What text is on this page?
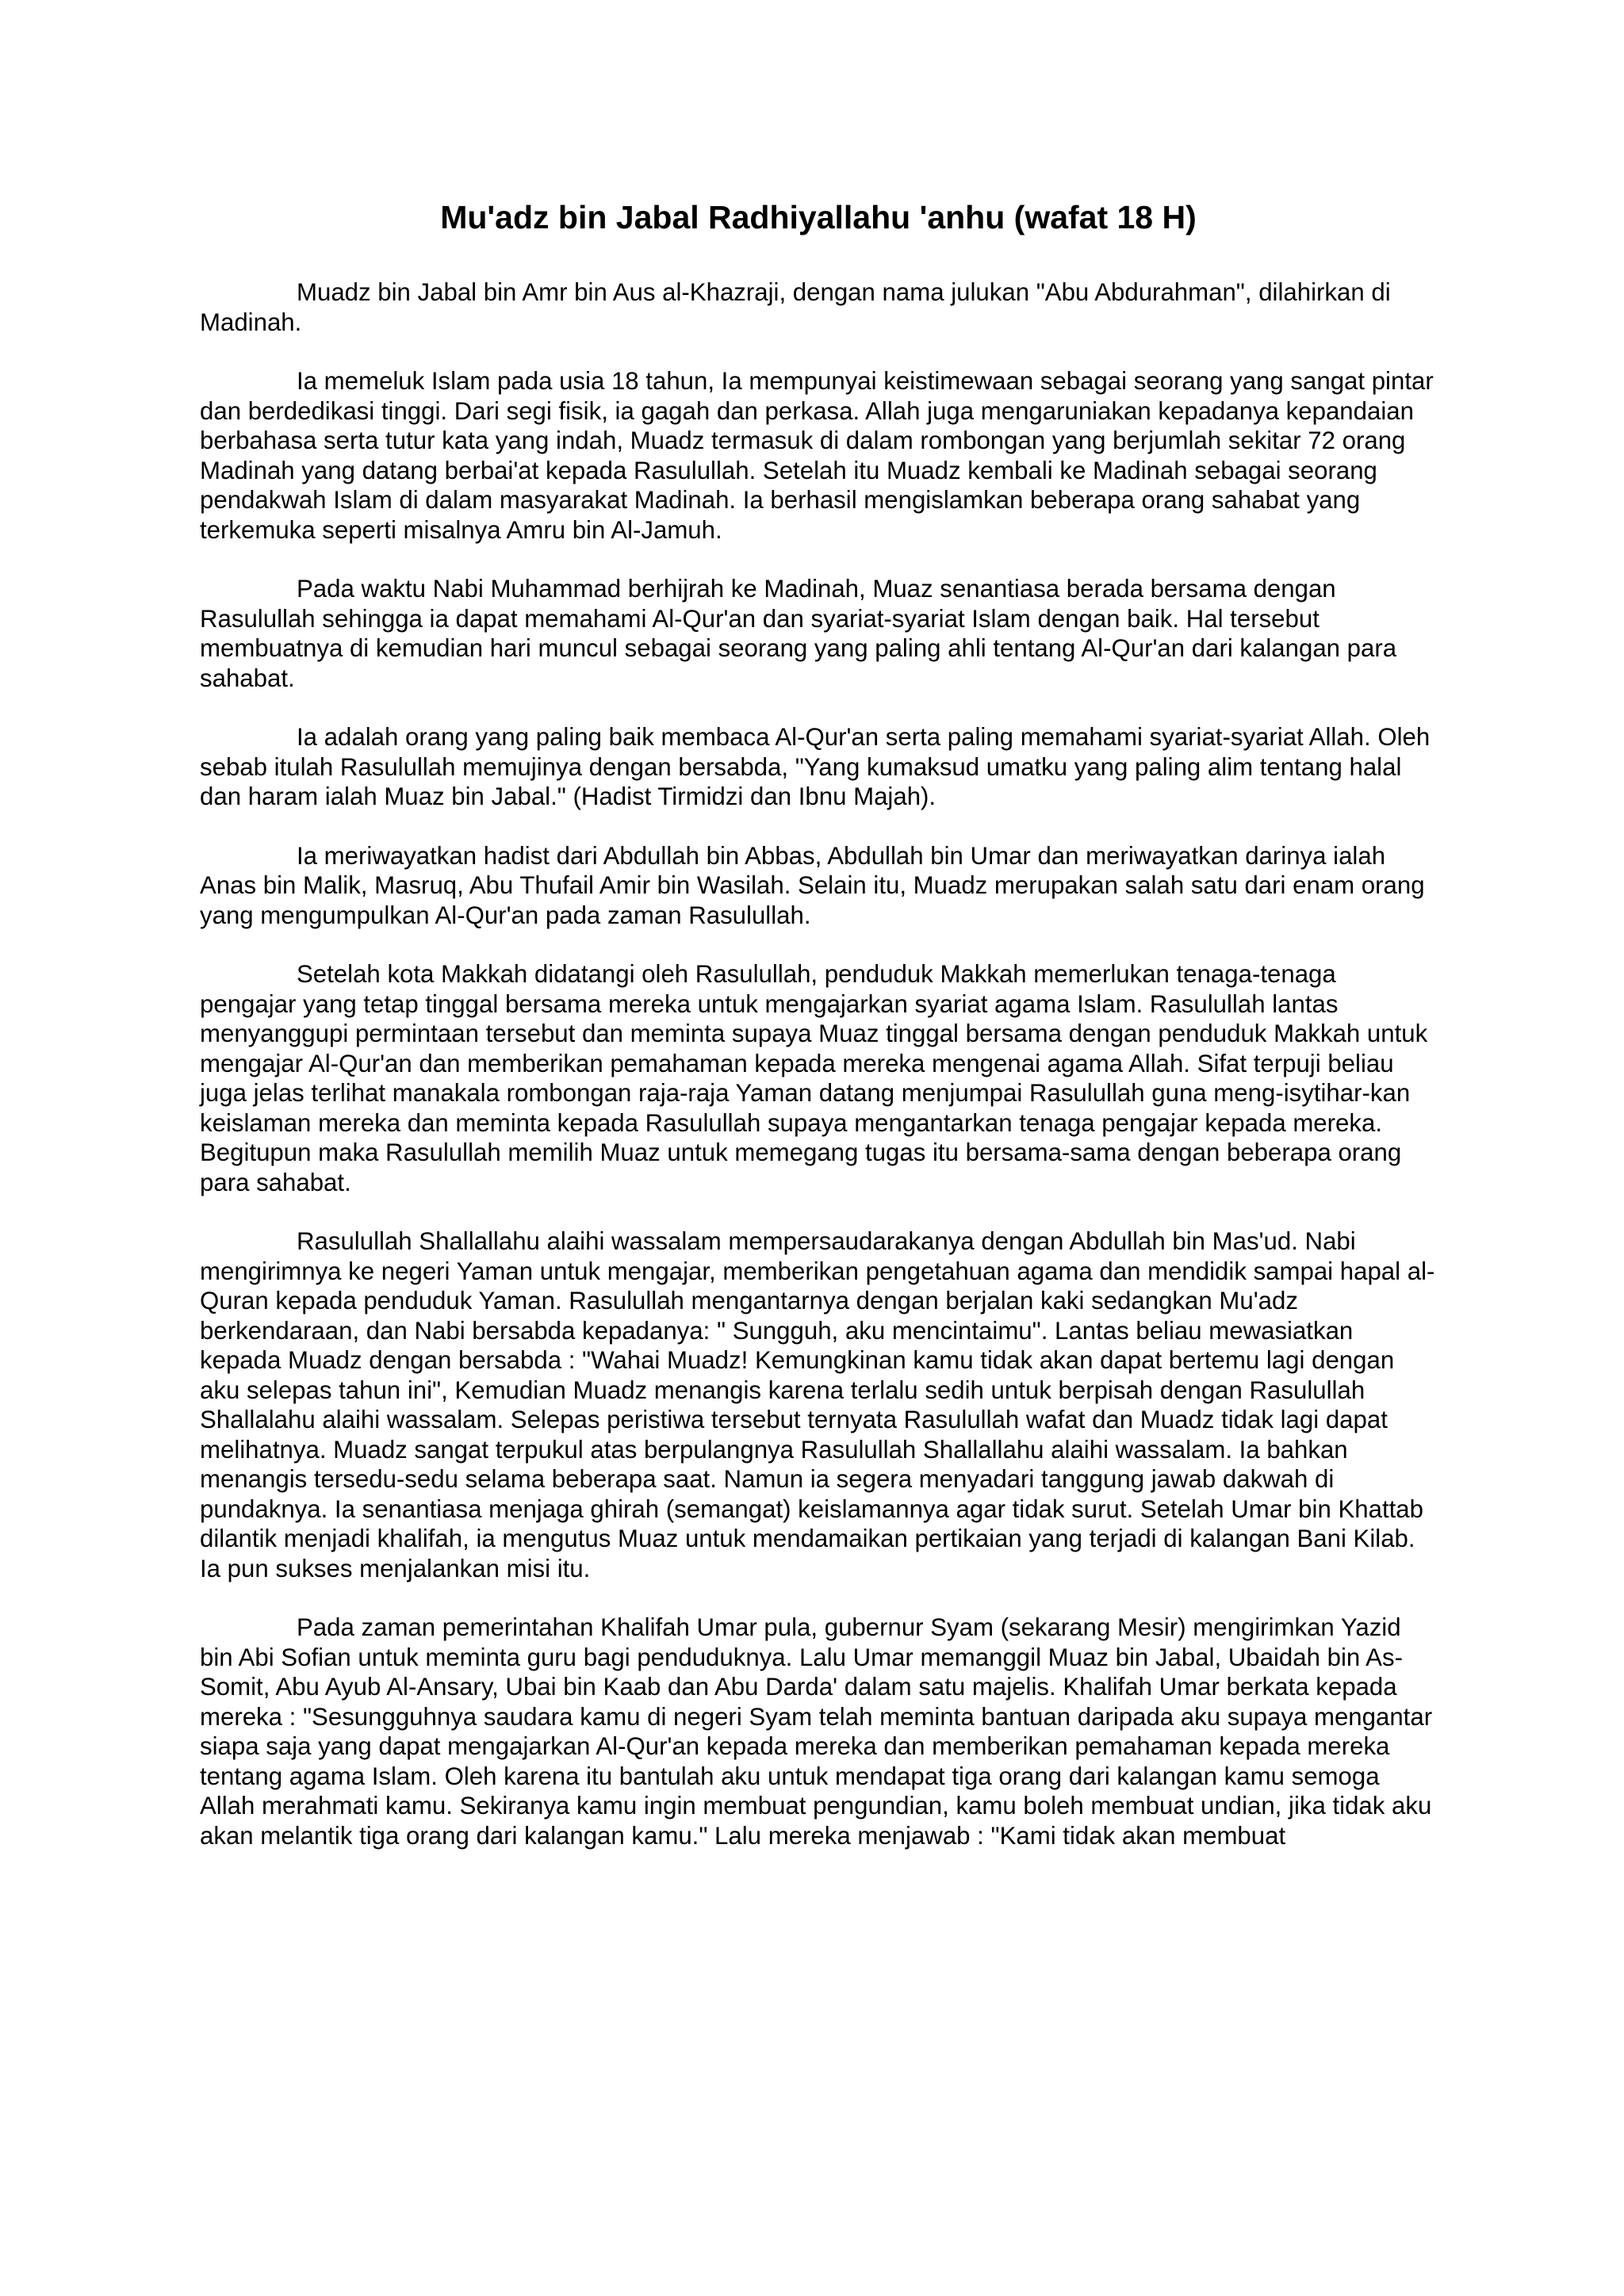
Mu'adz bin Jabal Radhiyallahu 'anhu (wafat 18 H)

Muadz bin Jabal bin Amr bin Aus al-Khazraji, dengan nama julukan "Abu Abdurahman", dilahirkan di Madinah.

Ia memeluk Islam pada usia 18 tahun, Ia mempunyai keistimewaan sebagai seorang yang sangat pintar dan berdedikasi tinggi. Dari segi fisik, ia gagah dan perkasa. Allah juga mengaruniakan kepadanya kepandaian berbahasa serta tutur kata yang indah, Muadz termasuk di dalam rombongan yang berjumlah sekitar 72 orang Madinah yang datang berbai'at kepada Rasulullah. Setelah itu Muadz kembali ke Madinah sebagai seorang pendakwah Islam di dalam masyarakat Madinah. Ia berhasil mengislamkan beberapa orang sahabat yang terkemuka seperti misalnya Amru bin Al-Jamuh.

Pada waktu Nabi Muhammad berhijrah ke Madinah, Muaz senantiasa berada bersama dengan Rasulullah sehingga ia dapat memahami Al-Qur'an dan syariat-syariat Islam dengan baik. Hal tersebut membuatnya di kemudian hari muncul sebagai seorang yang paling ahli tentang Al-Qur'an dari kalangan para sahabat.

Ia adalah orang yang paling baik membaca Al-Qur'an serta paling memahami syariat-syariat Allah. Oleh sebab itulah Rasulullah memujinya dengan bersabda, "Yang kumaksud umatku yang paling alim tentang halal dan haram ialah Muaz bin Jabal." (Hadist Tirmidzi dan Ibnu Majah).

Ia meriwayatkan hadist dari Abdullah bin Abbas, Abdullah bin Umar dan meriwayatkan darinya ialah Anas bin Malik, Masruq, Abu Thufail Amir bin Wasilah. Selain itu, Muadz merupakan salah satu dari enam orang yang mengumpulkan Al-Qur'an pada zaman Rasulullah.

Setelah kota Makkah didatangi oleh Rasulullah, penduduk Makkah memerlukan tenaga-tenaga pengajar yang tetap tinggal bersama mereka untuk mengajarkan syariat agama Islam. Rasulullah lantas menyanggupi permintaan tersebut dan meminta supaya Muaz tinggal bersama dengan penduduk Makkah untuk mengajar Al-Qur'an dan memberikan pemahaman kepada mereka mengenai agama Allah. Sifat terpuji beliau juga jelas terlihat manakala rombongan raja-raja Yaman datang menjumpai Rasulullah guna meng-isytihar-kan keislaman mereka dan meminta kepada Rasulullah supaya mengantarkan tenaga pengajar kepada mereka. Begitupun maka Rasulullah memilih Muaz untuk memegang tugas itu bersama-sama dengan beberapa orang para sahabat.

Rasulullah Shallallahu alaihi wassalam mempersaudarakanya dengan Abdullah bin Mas'ud. Nabi mengirimnya ke negeri Yaman untuk mengajar, memberikan pengetahuan agama dan mendidik sampai hapal al-Quran kepada penduduk Yaman. Rasulullah mengantarnya dengan berjalan kaki sedangkan Mu'adz berkendaraan, dan Nabi bersabda kepadanya: " Sungguh, aku mencintaimu". Lantas beliau mewasiatkan kepada Muadz dengan bersabda : "Wahai Muadz! Kemungkinan kamu tidak akan dapat bertemu lagi dengan aku selepas tahun ini", Kemudian Muadz menangis karena terlalu sedih untuk berpisah dengan Rasulullah Shallalahu alaihi wassalam. Selepas peristiwa tersebut ternyata Rasulullah wafat dan Muadz tidak lagi dapat melihatnya. Muadz sangat terpukul atas berpulangnya Rasulullah Shallallahu alaihi wassalam. Ia bahkan menangis tersedu-sedu selama beberapa saat. Namun ia segera menyadari tanggung jawab dakwah di pundaknya. Ia senantiasa menjaga ghirah (semangat) keislamannya agar tidak surut. Setelah Umar bin Khattab dilantik menjadi khalifah, ia mengutus Muaz untuk mendamaikan pertikaian yang terjadi di kalangan Bani Kilab. Ia pun sukses menjalankan misi itu.

Pada zaman pemerintahan Khalifah Umar pula, gubernur Syam (sekarang Mesir) mengirimkan Yazid bin Abi Sofian untuk meminta guru bagi penduduknya. Lalu Umar memanggil Muaz bin Jabal, Ubaidah bin As-Somit, Abu Ayub Al-Ansary, Ubai bin Kaab dan Abu Darda' dalam satu majelis. Khalifah Umar berkata kepada mereka : "Sesungguhnya saudara kamu di negeri Syam telah meminta bantuan daripada aku supaya mengantar siapa saja yang dapat mengajarkan Al-Qur'an kepada mereka dan memberikan pemahaman kepada mereka tentang agama Islam. Oleh karena itu bantulah aku untuk mendapat tiga orang dari kalangan kamu semoga Allah merahmati kamu. Sekiranya kamu ingin membuat pengundian, kamu boleh membuat undian, jika tidak aku akan melantik tiga orang dari kalangan kamu." Lalu mereka menjawab : "Kami tidak akan membuat
